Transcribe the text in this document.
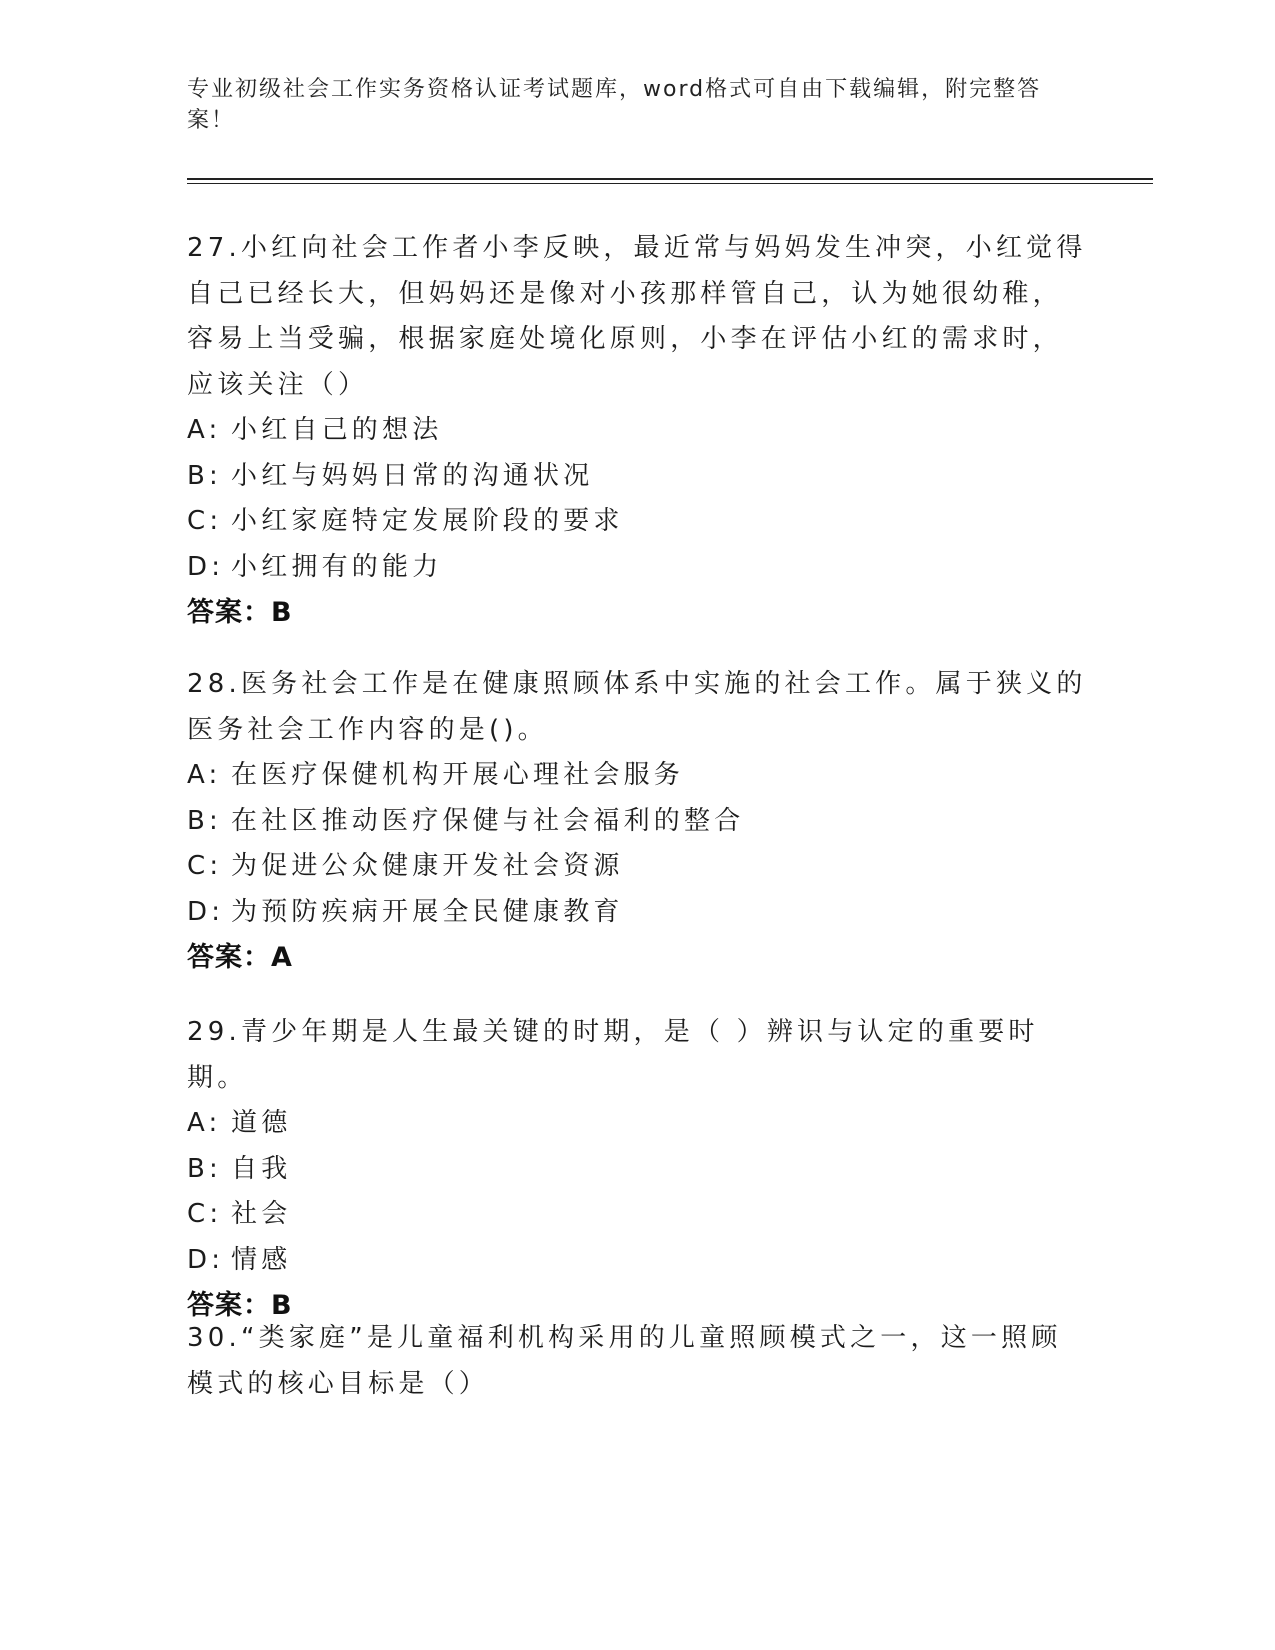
专业初级社会工作实务资格认证考试题库，word格式可自由下载编辑，附完整答案！
27.小红向社会工作者小李反映，最近常与妈妈发生冲突，小红觉得自己已经长大，但妈妈还是像对小孩那样管自己，认为她很幼稚，容易上当受骗，根据家庭处境化原则，小李在评估小红的需求时，应该关注（）
A: 小红自己的想法
B: 小红与妈妈日常的沟通状况
C: 小红家庭特定发展阶段的要求
D: 小红拥有的能力
答案：B
28.医务社会工作是在健康照顾体系中实施的社会工作。属于狭义的医务社会工作内容的是()。
A: 在医疗保健机构开展心理社会服务
B: 在社区推动医疗保健与社会福利的整合
C: 为促进公众健康开发社会资源
D: 为预防疾病开展全民健康教育
答案：A
29.青少年期是人生最关键的时期，是（ ）辨识与认定的重要时期。
A: 道德
B: 自我
C: 社会
D: 情感
答案：B
30.“类家庭”是儿童福利机构采用的儿童照顾模式之一，这一照顾模式的核心目标是（）
